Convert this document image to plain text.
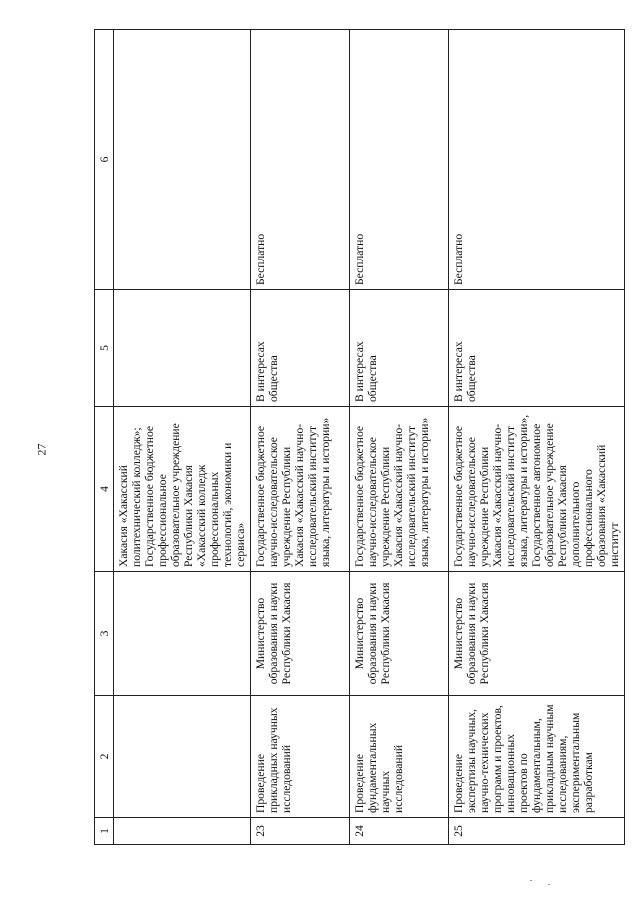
27
1	2	3	4	5	6
			Хакасия «Хакасский политехнический колледж»; Государственное бюджетное профессиональное образовательное учреждение Республики Хакасия «Хакасский колледж профессиональных технологий, экономики и сервиса»		
23	Проведение прикладных научных исследований	Министерство образования и науки Республики Хакасия	Государственное бюджетное научно-исследовательское учреждение Республики Хакасия «Хакасский научно-исследовательский институт языка, литературы и истории»	В интересах общества	Бесплатно
24	Проведение фундаментальных научных исследований	Министерство образования и науки Республики Хакасия	Государственное бюджетное научно-исследовательское учреждение Республики Хакасия «Хакасский научно-исследовательский институт языка, литературы и истории»	В интересах общества	Бесплатно
25	Проведение экспертизы научных, научно-технических программ и проектов, инновационных проектов по фундаментальным, прикладным научным исследованиям, экспериментальным разработкам	Министерство образования и науки Республики Хакасия	Государственное бюджетное научно-исследовательское учреждение Республики Хакасия «Хакасский научно-исследовательский институт языка, литературы и истории», Государственное автономное образовательное учреждение Республики Хакасия дополнительного профессионального образования «Хакасский институт	В интересах общества	Бесплатно
